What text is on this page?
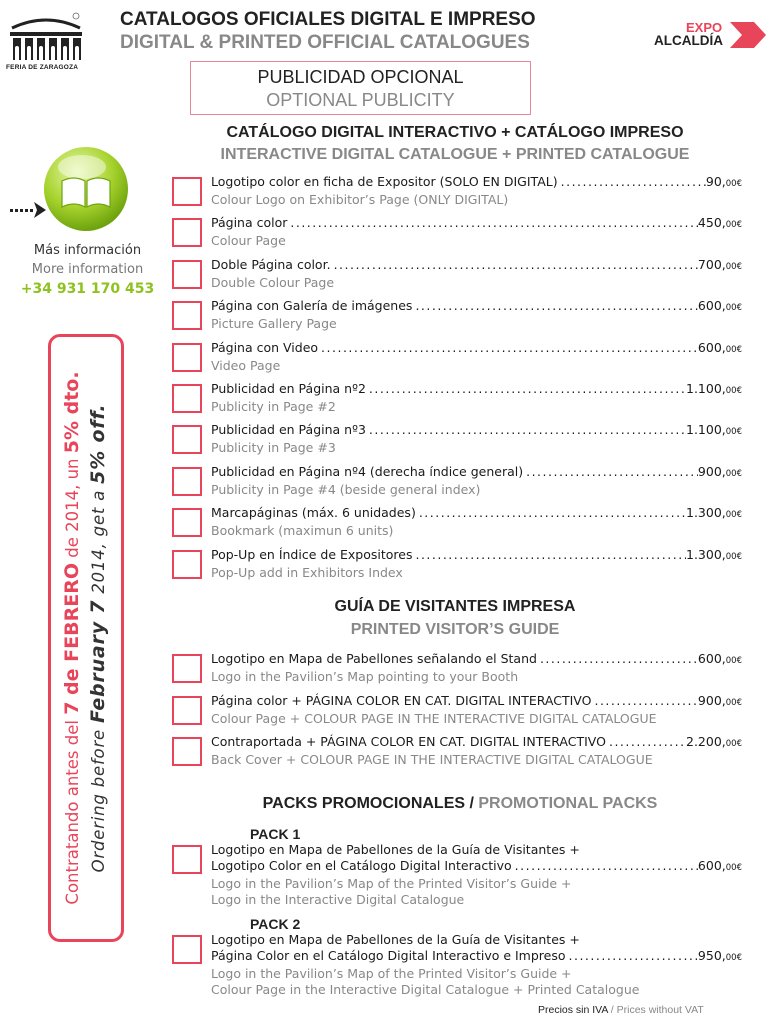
FERIA DE ZARAGOZA
CATALOGOS OFICIALES DIGITAL E IMPRESO
DIGITAL & PRINTED OFFICIAL CATALOGUES
EXPO
ALCALDÍA
PUBLICIDAD OPCIONAL
OPTIONAL PUBLICITY
Más información
More information
+34 931 170 453
Contratando antes del 7 de FEBRERO de 2014, un 5% dto.
Ordering before February 7 2014, get a 5% off.
CATÁLOGO DIGITAL INTERACTIVO + CATÁLOGO IMPRESO
INTERACTIVE DIGITAL CATALOGUE + PRINTED CATALOGUE
Logotipo color en ficha de Expositor (SOLO EN DIGITAL) .....	90,00€
Colour Logo on Exhibitor’s Page (ONLY DIGITAL)
Página color .....	450,00€
Colour Page
Doble Página color. .....	700,00€
Double Colour Page
Página con Galería de imágenes .....	600,00€
Picture Gallery Page
Página con Video .....	600,00€
Video Page
Publicidad en Página nº2 .....	1.100,00€
Publicity in Page #2
Publicidad en Página nº3 .....	1.100,00€
Publicity in Page #3
Publicidad en Página nº4 (derecha índice general) .....	900,00€
Publicity in Page #4 (beside general index)
Marcapáginas (máx. 6 unidades) .....	1.300,00€
Bookmark (maximun 6 units)
Pop-Up en Índice de Expositores .....	1.300,00€
Pop-Up add in Exhibitors Index
GUÍA DE VISITANTES IMPRESA
PRINTED VISITOR’S GUIDE
Logotipo en Mapa de Pabellones señalando el Stand .....	600,00€
Logo in the Pavilion’s Map pointing to your Booth
Página color + PÁGINA COLOR EN CAT. DIGITAL INTERACTIVO .....	900,00€
Colour Page + COLOUR PAGE IN THE INTERACTIVE DIGITAL CATALOGUE
Contraportada + PÁGINA COLOR EN CAT. DIGITAL INTERACTIVO .....	2.200,00€
Back Cover + COLOUR PAGE IN THE INTERACTIVE DIGITAL CATALOGUE
PACKS PROMOCIONALES / PROMOTIONAL PACKS
PACK 1
Logotipo en Mapa de Pabellones de la Guía de Visitantes +
Logotipo Color en el Catálogo Digital Interactivo .....	600,00€
Logo in the Pavilion’s Map of the Printed Visitor’s Guide +
Logo in the Interactive Digital Catalogue
PACK 2
Logotipo en Mapa de Pabellones de la Guía de Visitantes +
Página Color en el Catálogo Digital Interactivo e Impreso .....	950,00€
Logo in the Pavilion’s Map of the Printed Visitor’s Guide +
Colour Page in the Interactive Digital Catalogue + Printed Catalogue
Precios sin IVA / Prices without VAT
